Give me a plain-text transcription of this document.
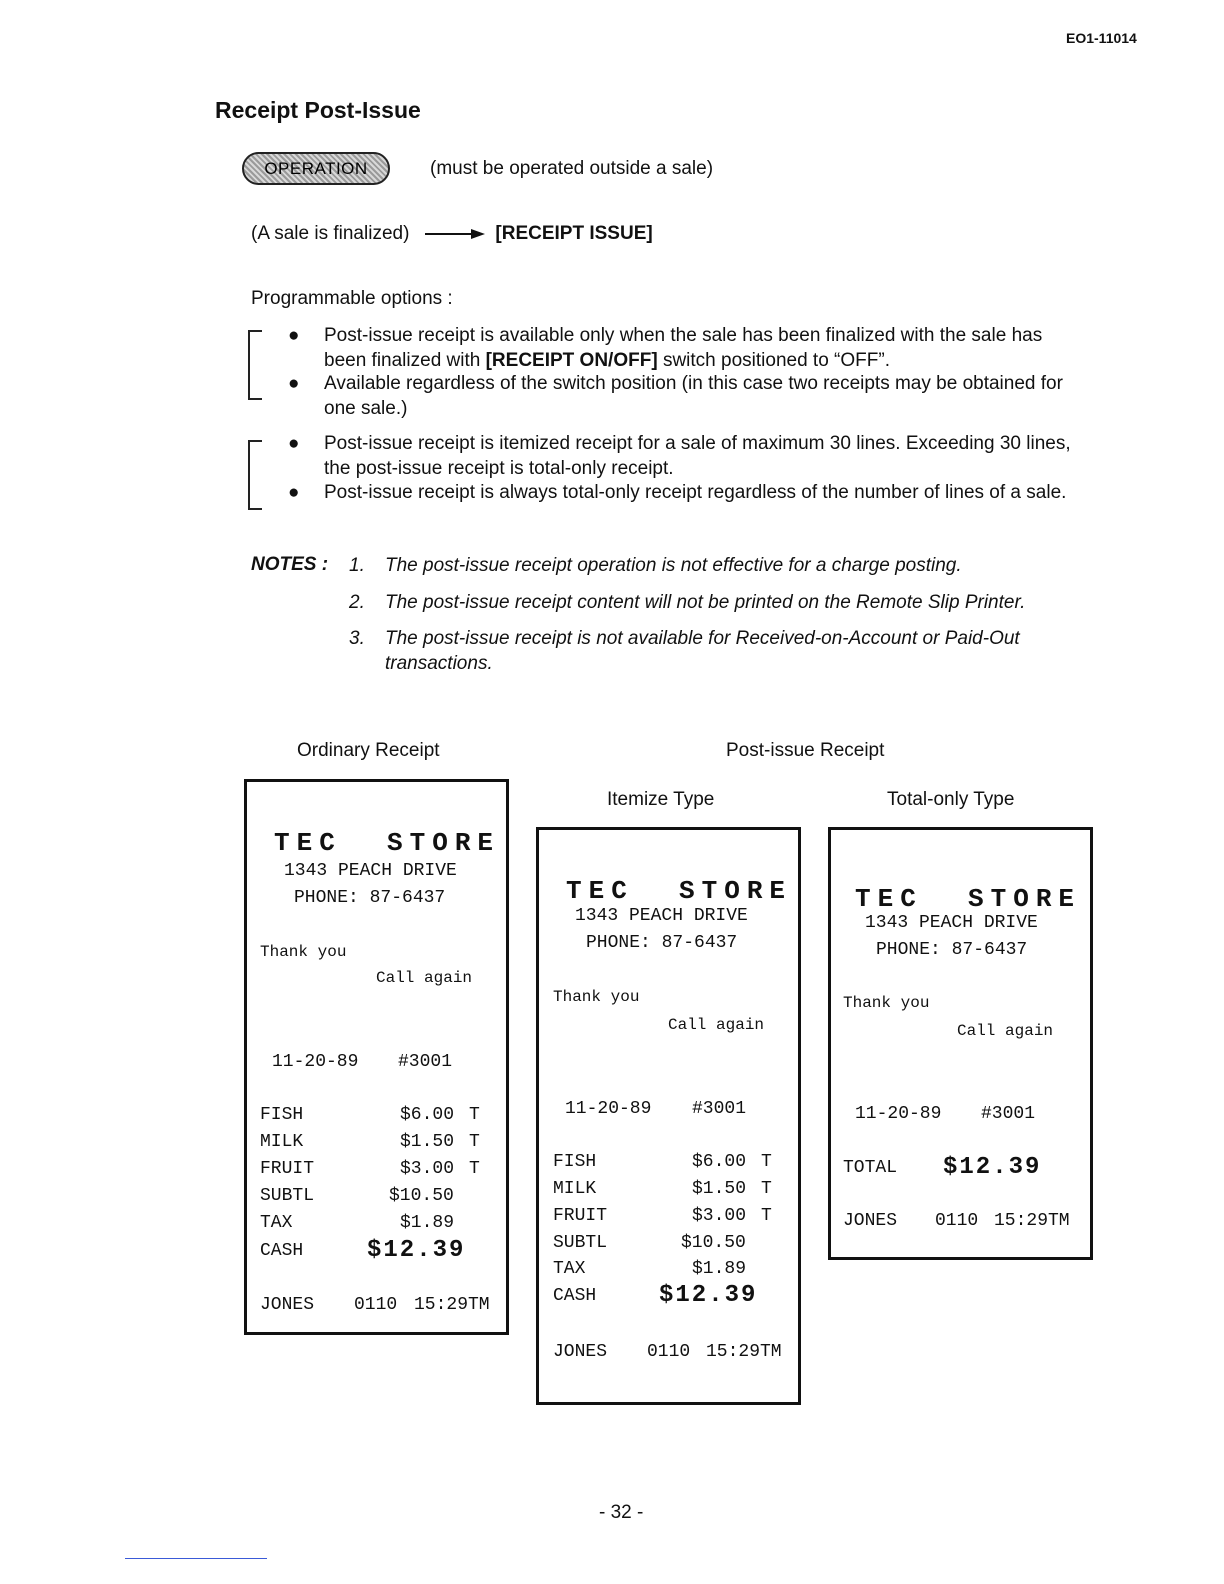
EO1-11014
Receipt Post-Issue
OPERATION	(must be operated outside a sale)
(A sale is finalized)	[RECEIPT ISSUE]
Programmable options :
● Post-issue receipt is available only when the sale has been finalized with the sale has been finalized with [RECEIPT ON/OFF] switch positioned to “OFF”.
● Available regardless of the switch position (in this case two receipts may be obtained for one sale.)
● Post-issue receipt is itemized receipt for a sale of maximum 30 lines. Exceeding 30 lines, the post-issue receipt is total-only receipt.
● Post-issue receipt is always total-only receipt regardless of the number of lines of a sale.
NOTES : 1. The post-issue receipt operation is not effective for a charge posting.
2. The post-issue receipt content will not be printed on the Remote Slip Printer.
3. The post-issue receipt is not available for Received-on-Account or Paid-Out transactions.
Ordinary Receipt	Post-issue Receipt
Itemize Type	Total-only Type
TEC  STORE
1343 PEACH DRIVE
PHONE: 87-6437
Thank you
Call again
11-20-89 #3001
FISH	$6.00 T
MILK	$1.50 T
FRUIT	$3.00 T
SUBTL	$10.50
TAX	$1.89
CASH	$12.39
JONES 0110 15:29TM
TEC  STORE
1343 PEACH DRIVE
PHONE: 87-6437
Thank you
Call again
11-20-89 #3001
FISH	$6.00 T
MILK	$1.50 T
FRUIT	$3.00 T
SUBTL	$10.50
TAX	$1.89
CASH	$12.39
JONES 0110 15:29TM
TEC  STORE
1343 PEACH DRIVE
PHONE: 87-6437
Thank you
Call again
11-20-89 #3001
TOTAL $12.39
JONES 0110 15:29TM
- 32 -
